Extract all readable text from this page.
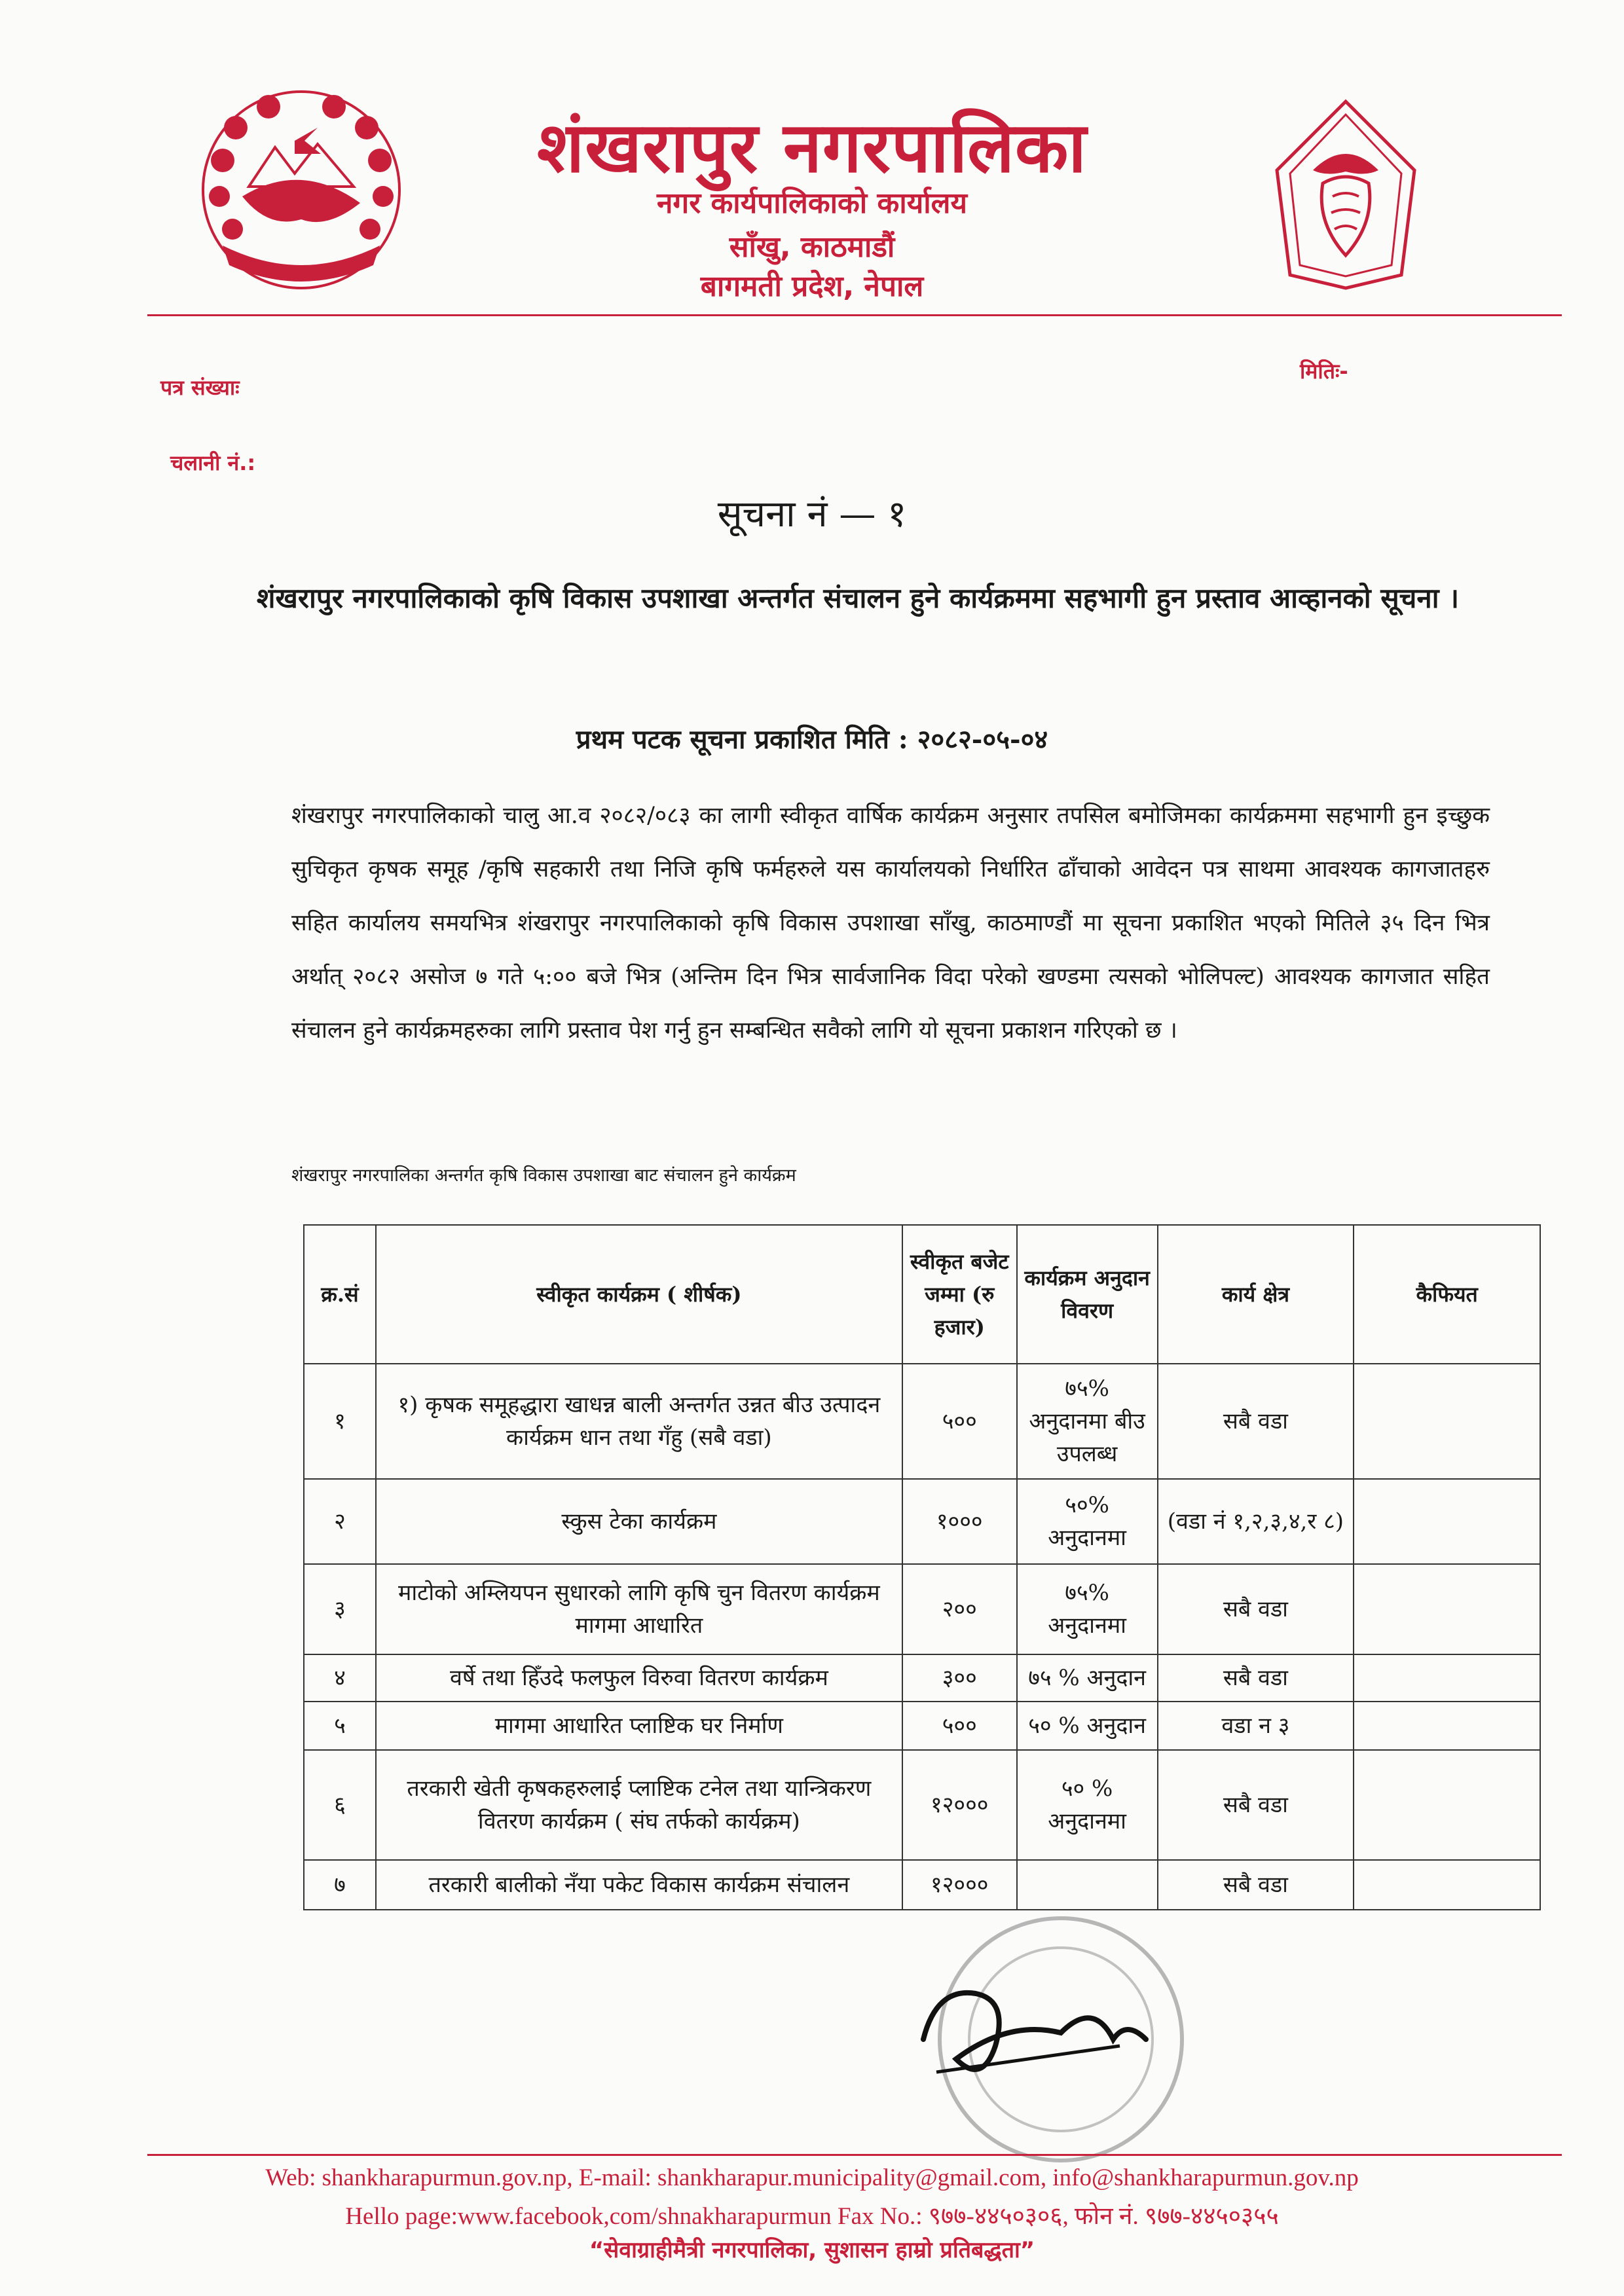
शंखरापुर नगरपालिका
नगर कार्यपालिकाको कार्यालय
साँखु, काठमाडौं
बागमती प्रदेश, नेपाल
पत्र संख्याः
चलानी नं.:
मितिः-
सूचना नं — १
शंखरापुर नगरपालिकाको कृषि विकास उपशाखा अन्तर्गत संचालन हुने कार्यक्रममा सहभागी हुन प्रस्ताव आव्हानको सूचना ।
प्रथम पटक सूचना प्रकाशित मिति : २०८२-०५-०४
शंखरापुर नगरपालिकाको चालु आ.व २०८२/०८३ का लागी स्वीकृत वार्षिक कार्यक्रम अनुसार तपसिल बमोजिमका कार्यक्रममा सहभागी हुन इच्छुक सुचिकृत कृषक समूह /कृषि सहकारी तथा निजि कृषि फर्महरुले यस कार्यालयको निर्धारित ढाँचाको आवेदन पत्र साथमा आवश्यक कागजातहरु सहित कार्यालय समयभित्र शंखरापुर नगरपालिकाको कृषि विकास उपशाखा साँखु, काठमाण्डौं मा सूचना प्रकाशित भएको मितिले ३५ दिन भित्र अर्थात् २०८२ असोज ७ गते ५:०० बजे भित्र (अन्तिम दिन भित्र सार्वजानिक विदा परेको खण्डमा त्यसको भोलिपल्ट) आवश्यक कागजात सहित संचालन हुने कार्यक्रमहरुका लागि प्रस्ताव पेश गर्नु हुन सम्बन्धित सवैको लागि यो सूचना प्रकाशन गरिएको छ ।
शंखरापुर नगरपालिका अन्तर्गत कृषि विकास उपशाखा बाट संचालन हुने कार्यक्रम
क्र.सं	स्वीकृत कार्यक्रम ( शीर्षक)	स्वीकृत बजेट जम्मा (रु हजार)	कार्यक्रम अनुदान विवरण	कार्य क्षेत्र	कैफियत
१	१) कृषक समूहद्धारा खाधन्न बाली अन्तर्गत उन्नत बीउ उत्पादन कार्यक्रम धान तथा गँहु (सबै वडा)	५००	७५% अनुदानमा बीउ उपलब्ध	सबै वडा	
२	स्कुस टेका कार्यक्रम	१०००	५०% अनुदानमा	(वडा नं १,२,३,४,र ८)	
३	माटोको अम्लियपन सुधारको लागि कृषि चुन वितरण कार्यक्रम मागमा आधारित	२००	७५% अनुदानमा	सबै वडा	
४	वर्षे तथा हिँउदे फलफुल विरुवा वितरण कार्यक्रम	३००	७५ % अनुदान	सबै वडा	
५	मागमा आधारित प्लाष्टिक घर निर्माण	५००	५० % अनुदान	वडा न ३	
६	तरकारी खेती कृषकहरुलाई प्लाष्टिक टनेल तथा यान्त्रिकरण वितरण कार्यक्रम ( संघ तर्फको कार्यक्रम)	१२०००	५० % अनुदानमा	सबै वडा	
७	तरकारी बालीको नँया पकेट विकास कार्यक्रम संचालन	१२०००		सबै वडा	
Web: shankharapurmun.gov.np, E-mail: shankharapur.municipality@gmail.com, info@shankharapurmun.gov.np
Hello page:www.facebook,com/shnakharapurmun Fax No.: ९७७-४४५०३०६, फोन नं. ९७७-४४५०३५५
“सेवाग्राहीमैत्री नगरपालिका, सुशासन हाम्रो प्रतिबद्धता”
